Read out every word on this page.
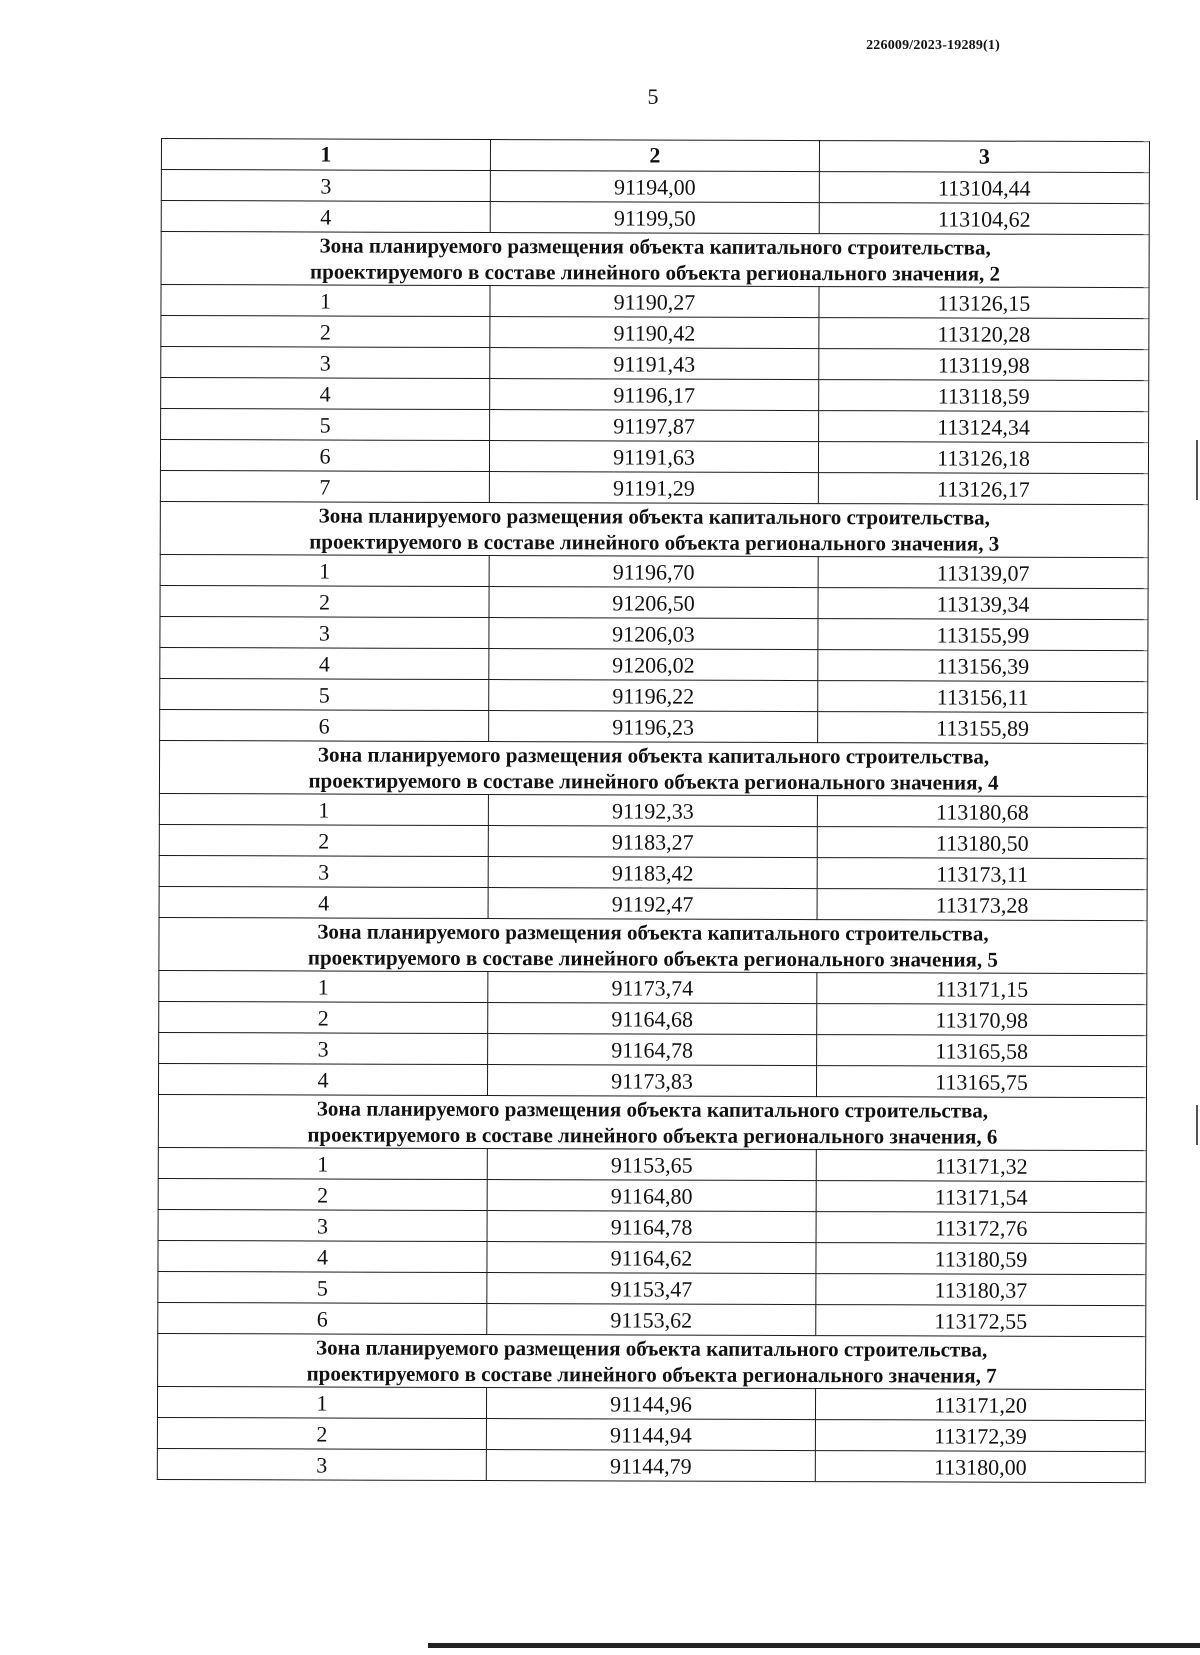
226009/2023-19289(1)
5
1	2	3
3	91194,00	113104,44
4	91199,50	113104,62

Зона планируемого размещения объекта капитального строительства,
проектируемого в составе линейного объекта регионального значения, 2		

1	91190,27	113126,15
2	91190,42	113120,28
3	91191,43	113119,98
4	91196,17	113118,59
5	91197,87	113124,34
6	91191,63	113126,18
7	91191,29	113126,17

Зона планируемого размещения объекта капитального строительства,
проектируемого в составе линейного объекта регионального значения, 3		

1	91196,70	113139,07
2	91206,50	113139,34
3	91206,03	113155,99
4	91206,02	113156,39
5	91196,22	113156,11
6	91196,23	113155,89

Зона планируемого размещения объекта капитального строительства,
проектируемого в составе линейного объекта регионального значения, 4		

1	91192,33	113180,68
2	91183,27	113180,50
3	91183,42	113173,11
4	91192,47	113173,28

Зона планируемого размещения объекта капитального строительства,
проектируемого в составе линейного объекта регионального значения, 5		

1	91173,74	113171,15
2	91164,68	113170,98
3	91164,78	113165,58
4	91173,83	113165,75

Зона планируемого размещения объекта капитального строительства,
проектируемого в составе линейного объекта регионального значения, 6		

1	91153,65	113171,32
2	91164,80	113171,54
3	91164,78	113172,76
4	91164,62	113180,59
5	91153,47	113180,37
6	91153,62	113172,55

Зона планируемого размещения объекта капитального строительства,
проектируемого в составе линейного объекта регионального значения, 7		

1	91144,96	113171,20
2	91144,94	113172,39
3	91144,79	113180,00
